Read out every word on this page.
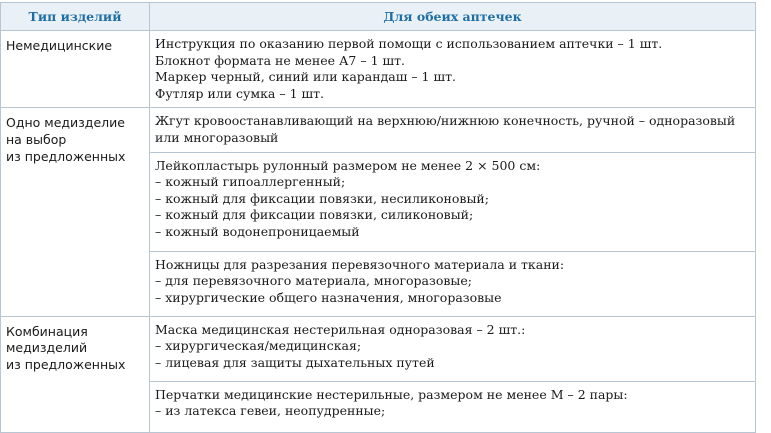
Тип изделий	Для обеих аптечек

Немедицинские	Инструкция по оказанию первой помощи с использованием аптечки – 1 шт.
Блокнот формата не менее А7 – 1 шт.
Маркер черный, синий или карандаш – 1 шт.
Футляр или сумка – 1 шт.

Одно медизделие
на выбор
из предложенных	Жгут кровоостанавливающий на верхнюю/нижнюю конечность, ручной – одноразовый или многоразовый

	Лейкопластырь рулонный размером не менее 2 × 500 см:
– кожный гипоаллергенный;
– кожный для фиксации повязки, несиликоновый;
– кожный для фиксации повязки, силиконовый;
– кожный водонепроницаемый

	Ножницы для разрезания перевязочного материала и ткани:
– для перевязочного материала, многоразовые;
– хирургические общего назначения, многоразовые

Комбинация
медизделий
из предложенных	Маска медицинская нестерильная одноразовая – 2 шт.:
– хирургическая/медицинская;
– лицевая для защиты дыхательных путей

	Перчатки медицинские нестерильные, размером не менее М – 2 пары:
– из латекса гевеи, неопудренные;
